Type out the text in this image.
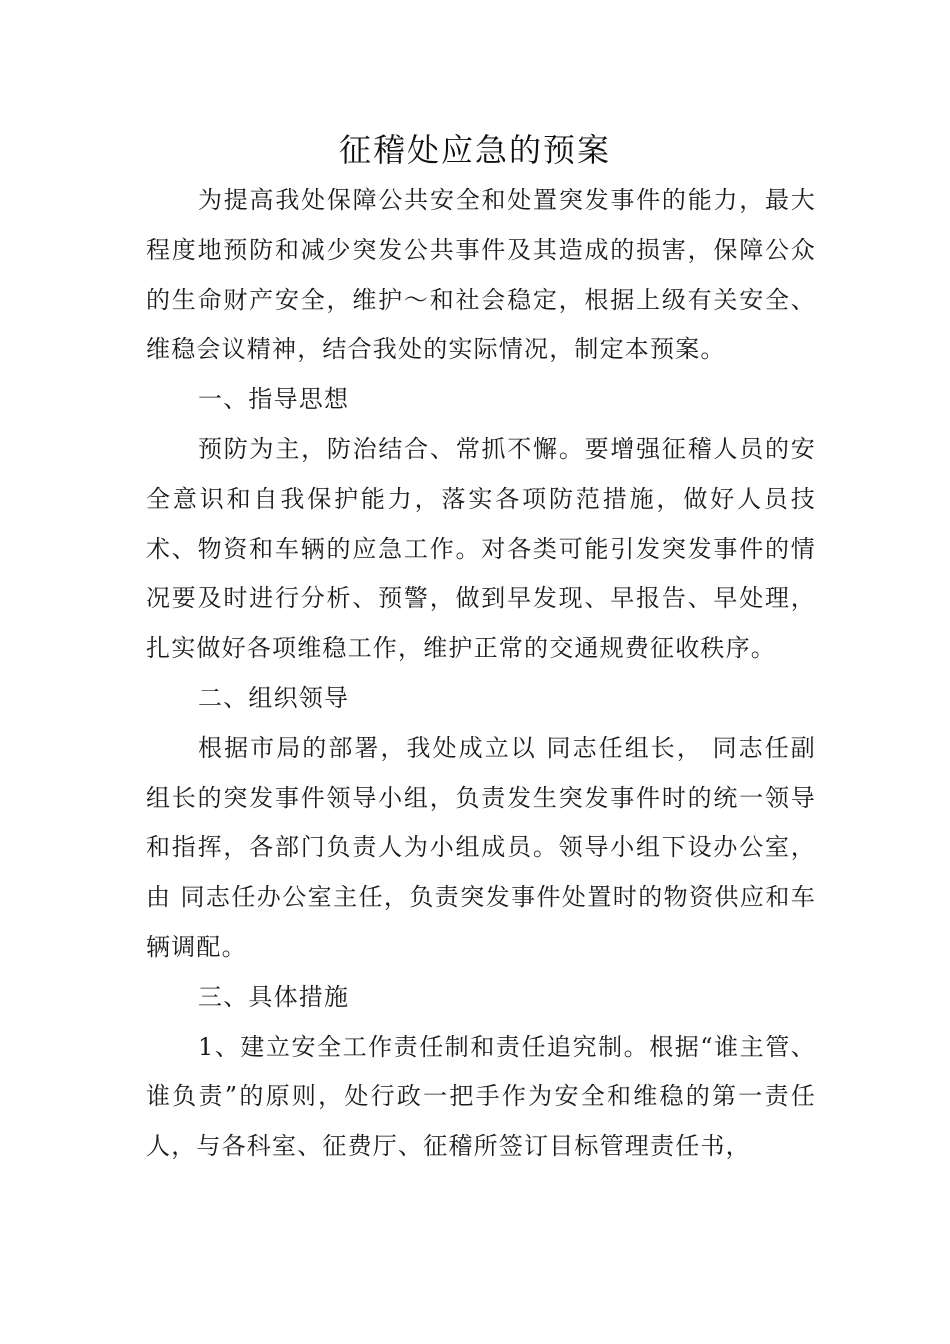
征稽处应急的预案

为提高我处保障公共安全和处置突发事件的能力，最大程度地预防和减少突发公共事件及其造成的损害，保障公众的生命财产安全，维护～和社会稳定，根据上级有关安全、维稳会议精神，结合我处的实际情况，制定本预案。

一、指导思想

预防为主，防治结合、常抓不懈。要增强征稽人员的安全意识和自我保护能力，落实各项防范措施，做好人员技术、物资和车辆的应急工作。对各类可能引发突发事件的情况要及时进行分析、预警，做到早发现、早报告、早处理，扎实做好各项维稳工作，维护正常的交通规费征收秩序。

二、组织领导

根据市局的部署，我处成立以 同志任组长， 同志任副组长的突发事件领导小组，负责发生突发事件时的统一领导和指挥，各部门负责人为小组成员。领导小组下设办公室，由 同志任办公室主任，负责突发事件处置时的物资供应和车辆调配。

三、具体措施

1、建立安全工作责任制和责任追究制。根据“谁主管、谁负责”的原则，处行政一把手作为安全和维稳的第一责任人，与各科室、征费厅、征稽所签订目标管理责任书，
